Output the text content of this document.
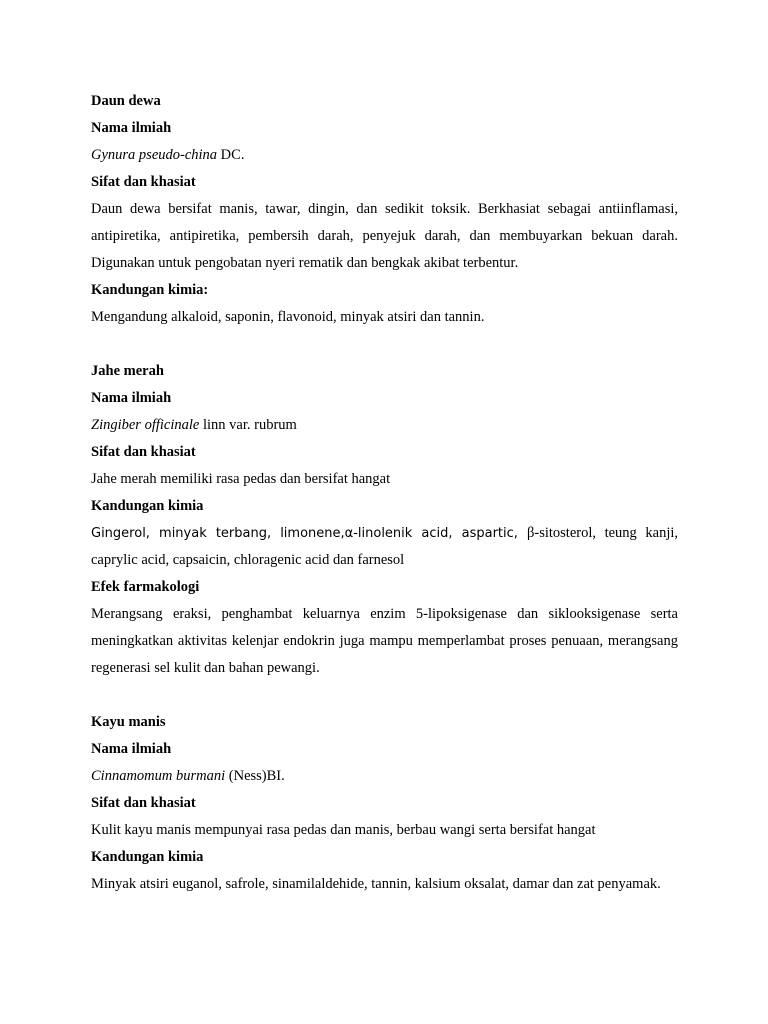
Daun dewa

Nama ilmiah

Gynura pseudo-china DC.

Sifat dan khasiat

Daun dewa bersifat manis, tawar, dingin, dan sedikit toksik. Berkhasiat sebagai antiinflamasi, antipiretika, antipiretika, pembersih darah, penyejuk darah, dan membuyarkan bekuan darah. Digunakan untuk pengobatan nyeri rematik dan bengkak akibat terbentur.

Kandungan kimia:

Mengandung alkaloid, saponin, flavonoid, minyak atsiri dan tannin.

Jahe merah

Nama ilmiah

Zingiber officinale linn var. rubrum

Sifat dan khasiat

Jahe merah memiliki rasa pedas dan bersifat hangat

Kandungan kimia

Gingerol, minyak terbang, limonene,α-linolenik acid, aspartic, β-sitosterol, teung kanji, caprylic acid, capsaicin, chloragenic acid dan farnesol

Efek farmakologi

Merangsang eraksi, penghambat keluarnya enzim 5-lipoksigenase dan siklooksigenase serta meningkatkan aktivitas kelenjar endokrin juga mampu memperlambat proses penuaan, merangsang regenerasi sel kulit dan bahan pewangi.

Kayu manis

Nama ilmiah

Cinnamomum burmani (Ness)BI.

Sifat dan khasiat

Kulit kayu manis mempunyai rasa pedas dan manis, berbau wangi serta bersifat hangat

Kandungan kimia

Minyak atsiri euganol, safrole, sinamilaldehide, tannin, kalsium oksalat, damar dan zat penyamak.
